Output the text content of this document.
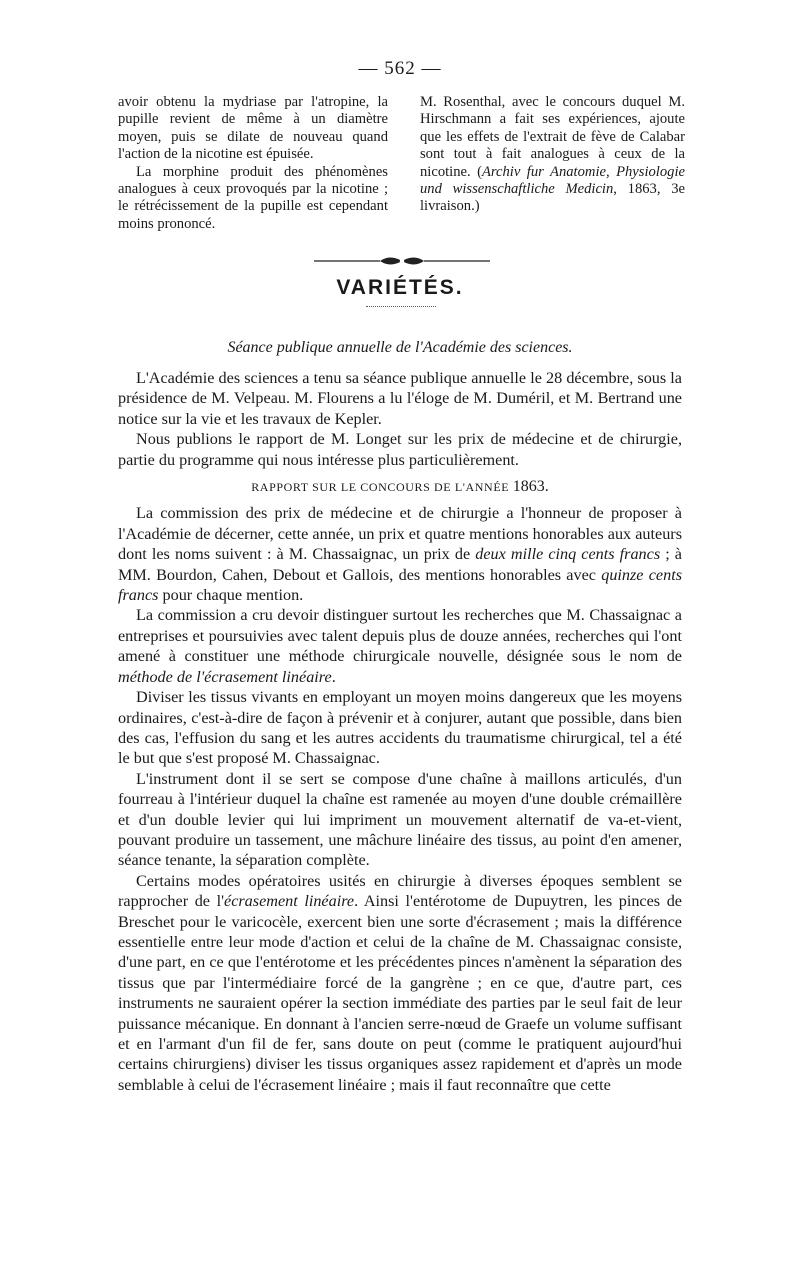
— 562 —

avoir obtenu la mydriase par l'atropine, la pupille revient de même à un diamètre moyen, puis se dilate de nouveau quand l'action de la nicotine est épuisée.

La morphine produit des phénomènes analogues à ceux provoqués par la nicotine ; le rétrécissement de la pupille est cependant moins prononcé.

M. Rosenthal, avec le concours duquel M. Hirschmann a fait ses expériences, ajoute que les effets de l'extrait de fève de Calabar sont tout à fait analogues à ceux de la nicotine. (Archiv fur Anatomie, Physiologie und wissenschaftliche Medicin, 1863, 3e livraison.)

VARIÉTÉS.
Séance publique annuelle de l'Académie des sciences.

L'Académie des sciences a tenu sa séance publique annuelle le 28 décembre, sous la présidence de M. Velpeau. M. Flourens a lu l'éloge de M. Duméril, et M. Bertrand une notice sur la vie et les travaux de Kepler.

Nous publions le rapport de M. Longet sur les prix de médecine et de chirurgie, partie du programme qui nous intéresse plus particulièrement.

RAPPORT SUR LE CONCOURS DE L'ANNÉE 1863.

La commission des prix de médecine et de chirurgie a l'honneur de proposer à l'Académie de décerner, cette année, un prix et quatre mentions honorables aux auteurs dont les noms suivent : à M. Chassaignac, un prix de deux mille cinq cents francs ; à MM. Bourdon, Cahen, Debout et Gallois, des mentions honorables avec quinze cents francs pour chaque mention.

La commission a cru devoir distinguer surtout les recherches que M. Chassaignac a entreprises et poursuivies avec talent depuis plus de douze années, recherches qui l'ont amené à constituer une méthode chirurgicale nouvelle, désignée sous le nom de méthode de l'écrasement linéaire.

Diviser les tissus vivants en employant un moyen moins dangereux que les moyens ordinaires, c'est-à-dire de façon à prévenir et à conjurer, autant que possible, dans bien des cas, l'effusion du sang et les autres accidents du traumatisme chirurgical, tel a été le but que s'est proposé M. Chassaignac.

L'instrument dont il se sert se compose d'une chaîne à maillons articulés, d'un fourreau à l'intérieur duquel la chaîne est ramenée au moyen d'une double crémaillère et d'un double levier qui lui impriment un mouvement alternatif de va-et-vient, pouvant produire un tassement, une mâchure linéaire des tissus, au point d'en amener, séance tenante, la séparation complète.

Certains modes opératoires usités en chirurgie à diverses époques semblent se rapprocher de l'écrasement linéaire. Ainsi l'entérotome de Dupuytren, les pinces de Breschet pour le varicocèle, exercent bien une sorte d'écrasement ; mais la différence essentielle entre leur mode d'action et celui de la chaîne de M. Chassaignac consiste, d'une part, en ce que l'entérotome et les précédentes pinces n'amènent la séparation des tissus que par l'intermédiaire forcé de la gangrène ; en ce que, d'autre part, ces instruments ne sauraient opérer la section immédiate des parties par le seul fait de leur puissance mécanique. En donnant à l'ancien serre-nœud de Graefe un volume suffisant et en l'armant d'un fil de fer, sans doute on peut (comme le pratiquent aujourd'hui certains chirurgiens) diviser les tissus organiques assez rapidement et d'après un mode semblable à celui de l'écrasement linéaire ; mais il faut reconnaître que cette
